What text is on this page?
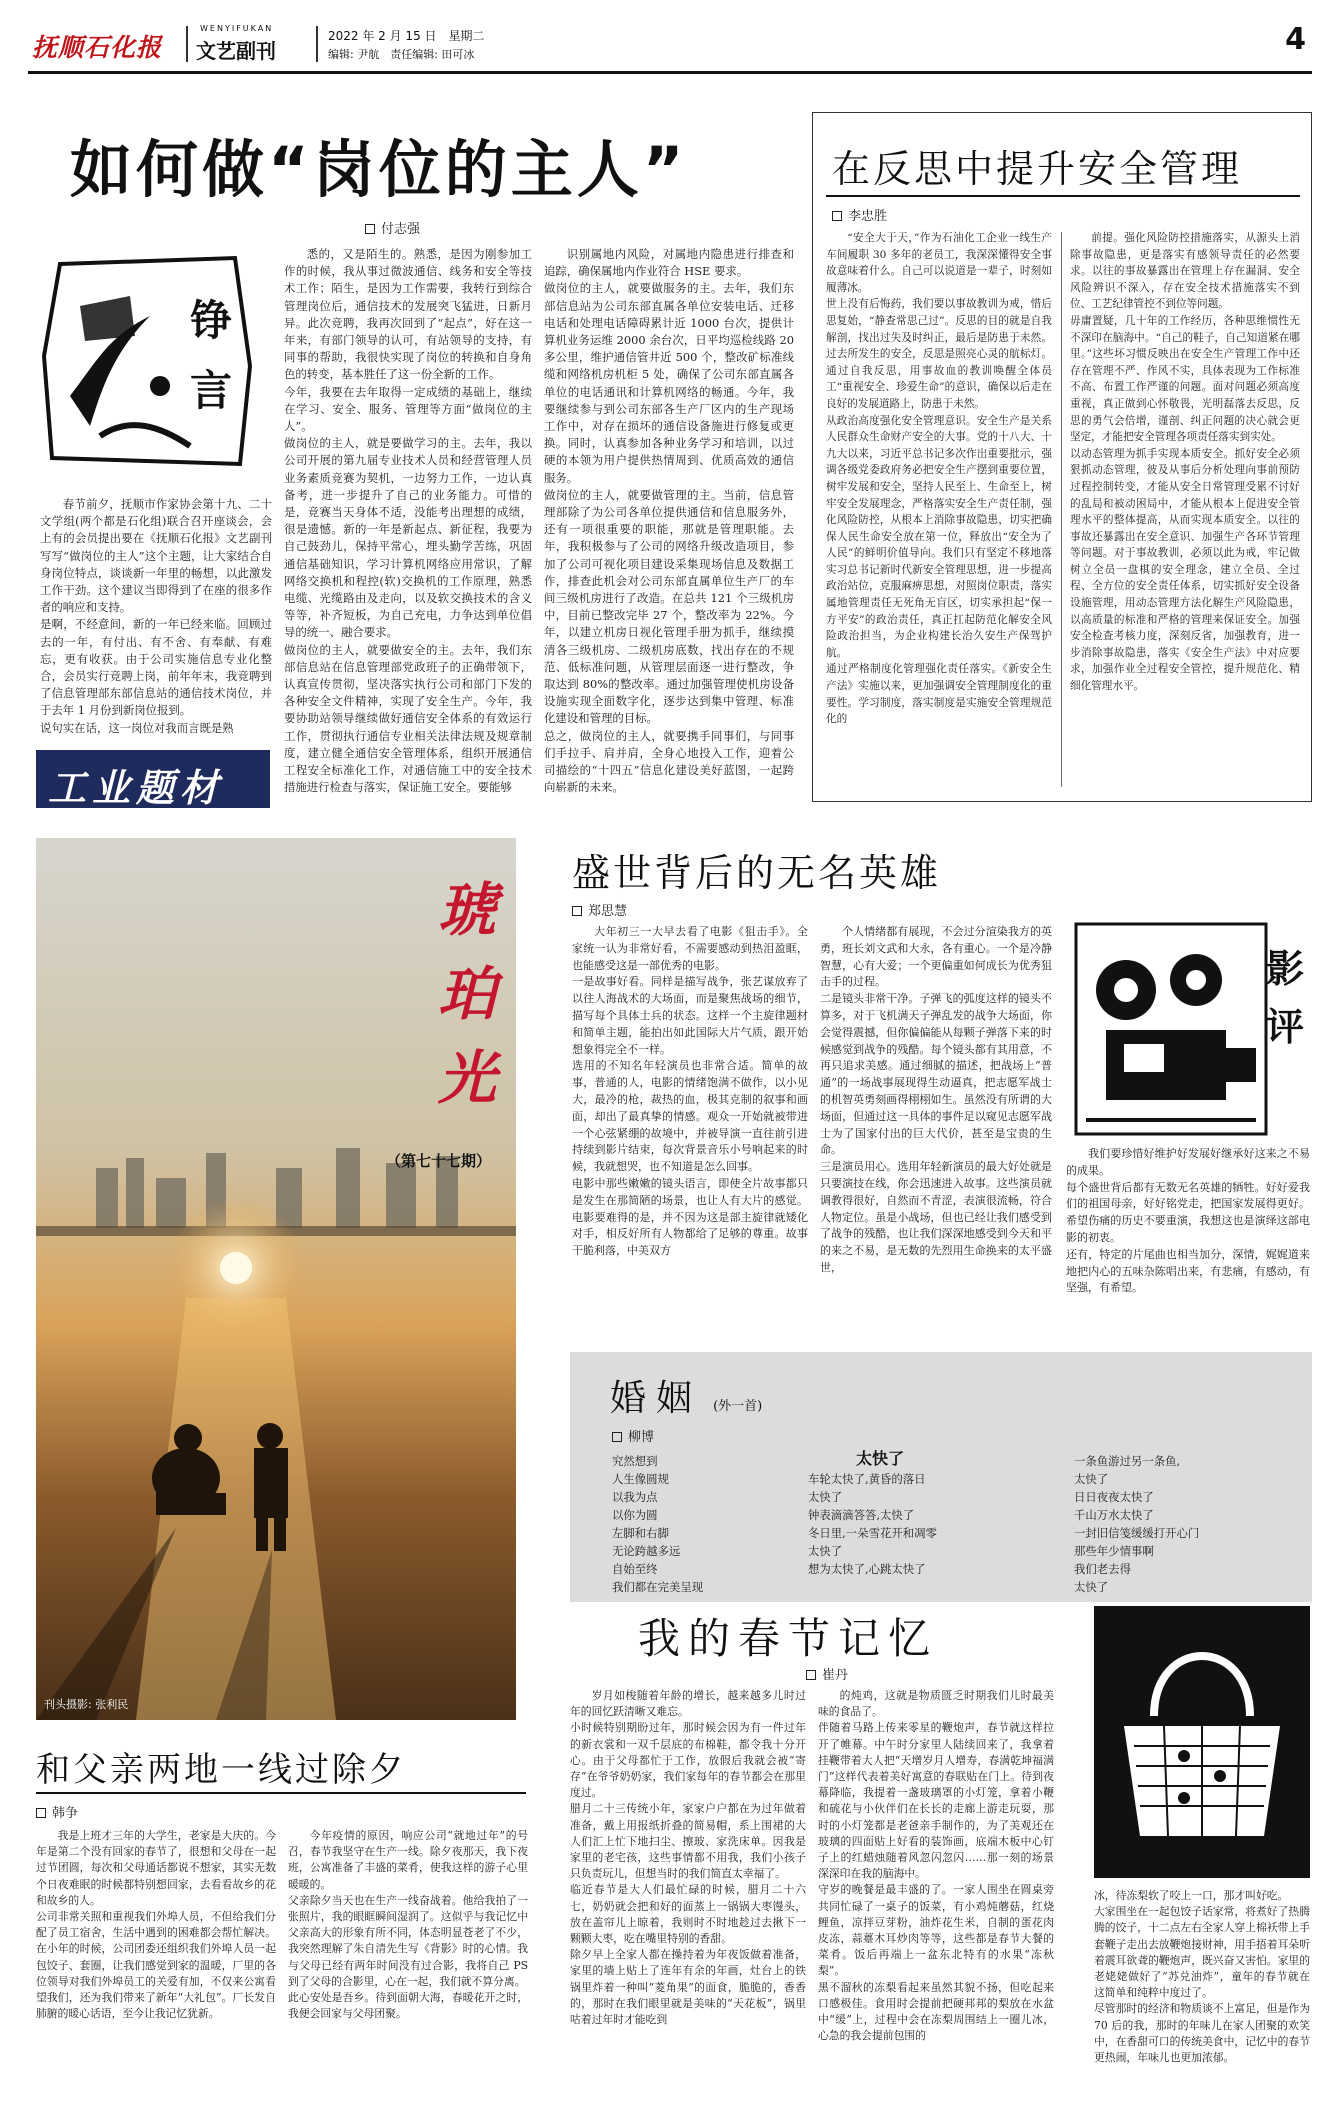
抚顺石化报
WENYIFUKAN
文艺副刊
2022 年 2 月 15 日　星期二
编辑: 尹航　责任编辑: 田可冰	4
如何做“岗位的主人”
付志强
铮言
春节前夕，抚顺市作家协会第十九、二十文学组(两个都是石化组)联合召开座谈会，会上有的会员提出要在《抚顺石化报》文艺副刊写写“做岗位的主人”这个主题，让大家结合自身岗位特点，谈谈新一年里的畅想，以此激发工作干劲。这个建议当即得到了在座的很多作者的响应和支持。
是啊，不经意间，新的一年已经来临。回顾过去的一年，有付出、有不舍、有奉献、有难忘，更有收获。由于公司实施信息专业化整合，会员实行竞聘上岗，前年年末，我竞聘到了信息管理部东部信息站的通信技术岗位，并于去年 1 月份到新岗位报到。
说句实在话，这一岗位对我而言既是熟
悉的，又是陌生的。熟悉，是因为刚参加工作的时候，我从事过微波通信、线务和安全等技术工作；陌生，是因为工作需要，我转行到综合管理岗位后，通信技术的发展突飞猛进，日新月异。此次竞聘，我再次回到了“起点”，好在这一年来，有部门领导的认可，有站领导的支持，有同事的帮助，我很快实现了岗位的转换和自身角色的转变，基本胜任了这一份全新的工作。
今年，我要在去年取得一定成绩的基础上，继续在学习、安全、服务、管理等方面“做岗位的主人”。
做岗位的主人，就是要做学习的主。去年，我以公司开展的第九届专业技术人员和经营管理人员业务素质竞赛为契机，一边努力工作，一边认真备考，进一步提升了自己的业务能力。可惜的是，竞赛当天身体不适，没能考出理想的成绩，很是遗憾。新的一年是新起点、新征程，我要为自己鼓劲儿，保持平常心，埋头勤学苦练，巩固通信基础知识，学习计算机网络应用常识，了解网络交换机和程控(软)交换机的工作原理，熟悉电缆、光缆路由及走向，以及软交换技术的含义等等，补齐短板，为自己充电，力争达到单位倡导的统一、融合要求。
做岗位的主人，就要做安全的主。去年，我们东部信息站在信息管理部党政班子的正确带领下，认真宣传贯彻，坚决落实执行公司和部门下发的各种安全文件精神，实现了安全生产。今年，我要协助站领导继续做好通信安全体系的有效运行工作，贯彻执行通信专业相关法律法规及规章制度，建立健全通信安全管理体系，组织开展通信工程安全标准化工作，对通信施工中的安全技术措施进行检查与落实，保证施工安全。要能够
识别属地内风险，对属地内隐患进行排查和追踪，确保属地内作业符合 HSE 要求。
做岗位的主人，就要做服务的主。去年，我们东部信息站为公司东部直属各单位安装电话、迁移电话和处理电话障碍累计近 1000 台次，提供计算机业务运维 2000 余台次，日平均巡检线路 20 多公里，维护通信管井近 500 个，整改矿标准线缆和网络机房机柜 5 处，确保了公司东部直属各单位的电话通讯和计算机网络的畅通。今年，我要继续参与到公司东部各生产厂区内的生产现场工作中，对存在损坏的通信设备施进行修复或更换。同时，认真参加各种业务学习和培训，以过硬的本领为用户提供热情周到、优质高效的通信服务。
做岗位的主人，就要做管理的主。当前，信息管理部除了为公司各单位提供通信和信息服务外，还有一项很重要的职能，那就是管理职能。去年，我积极参与了公司的网络升级改造项目，参加了公司可视化项目建设采集现场信息及数据工作，排查此机会对公司东部直属单位生产厂的车间三级机房进行了改造。在总共 121 个三级机房中，目前已整改完毕 27 个，整改率为 22%。今年，以建立机房日视化管理手册为抓手，继续摸清各三级机房、二级机房底数，找出存在的不规范、低标准问题，从管理层面逐一进行整改，争取达到 80%的整改率。通过加强管理使机房设备设施实现全面数字化，逐步达到集中管理、标准化建设和管理的目标。
总之，做岗位的主人，就要携手同事们，与同事们手拉手、肩并肩，全身心地投入工作，迎着公司描绘的“十四五”信息化建设美好蓝图，一起跨向崭新的未来。
工业题材
在反思中提升安全管理
李忠胜
“安全大于天，”作为石油化工企业一线生产车间履职 30 多年的老员工，我深深懂得安全事故意味着什么。自己可以说道是一辈子，时刻如履薄冰。
世上没有后悔药，我们要以事故教训为戒，惜后思复始，“静查常思己过”。反思的目的就是自我解剖，找出过失及时纠正，最后是防患于未然。过去所发生的安全，反思是照亮心灵的航标灯。通过自我反思，用事故血的教训唤醒全体员工“重视安全、珍爱生命”的意识，确保以后走在良好的发展道路上，防患于未然。
从政治高度强化安全管理意识。安全生产是关系人民群众生命财产安全的大事。党的十八大、十九大以来，习近平总书记多次作出重要批示，强调各级党委政府务必把安全生产摆到重要位置，树牢发展和安全，坚持人民至上、生命至上，树牢安全发展理念，严格落实安全生产责任制，强化风险防控，从根本上消除事故隐患，切实把确保人民生命安全放在第一位，释放出“安全为了人民”的鲜明价值导向。我们只有坚定不移地落实习总书记新时代新安全管理思想，进一步提高政治站位，克服麻痹思想，对照岗位职责，落实属地管理责任无死角无盲区，切实承担起“保一方平安”的政治责任，真正扛起防范化解安全风险政治担当，为企业构建长治久安生产保驾护航。
通过严格制度化管理强化责任落实。《新安全生产法》实施以来，更加强调安全管理制度化的重要性。学习制度，落实制度是实施安全管理规范化的
前提。强化风险防控措施落实，从源头上消除事故隐患，更是落实有感领导责任的必然要求。以往的事故暴露出在管理上存在漏洞、安全风险辨识不深入，存在安全技术措施落实不到位、工艺纪律管控不到位等问题。
毋庸置疑，几十年的工作经历，各种思维惯性无不深印在脑海中。“自己的鞋子，自己知道紧在哪里。”这些坏习惯反映出在安全生产管理工作中还存在管理不严、作风不实，具体表现为工作标准不高、布置工作严谨的问题。面对问题必须高度重视，真正做到心怀敬畏，光明磊落去反思，反思的勇气会倍增，谨剖、纠正问题的决心就会更坚定，才能把安全管理各项责任落实到实处。
以动态管理为抓手实现本质安全。抓好安全必须狠抓动态管理，彼及从事后分析处理向事前预防过程控制转变，才能从安全日常管理受累不讨好的乱局和被动困局中，才能从根本上促进安全管理水平的整体提高，从而实现本质安全。以往的事故还暴露出在安全意识、加强生产各环节管理等问题。对于事故教训，必须以此为戒，牢记做树立全员一盘棋的安全理念，建立全员、全过程、全方位的安全责任体系，切实抓好安全设备设施管理，用动态管理方法化解生产风险隐患，以高质量的标准和严格的管理来保证安全。加强安全检查考核力度，深刻反省，加强教育，进一步消除事故隐患，落实《安全生产法》中对应要求，加强作业全过程安全管控，提升规范化、精细化管理水平。
琥珀光
（第七十七期）
刊头摄影: 张利民
盛世背后的无名英雄
郑思慧
大年初三一大早去看了电影《狙击手》。全家统一认为非常好看，不需要感动到热泪盈眶，也能感受这是一部优秀的电影。
一是故事好看。同样是描写战争，张艺谋放弃了以往人海战术的大场面，而是聚焦战场的细节，描写每个具体士兵的状态。这样一个主旋律题材和简单主题，能拍出如此国际大片气质，跟开始想象得完全不一样。
选用的不知名年轻演员也非常合适。简单的故事，普通的人，电影的情绪饱满不做作，以小见大，最冷的枪，裁热的血，极其克制的叙事和画面，却出了最真挚的情感。观众一开始就被带进一个心弦紧绷的故境中，并被导演一直往前引进持续到影片结束，每次背景音乐小号响起来的时候，我就想哭，也不知道是怎么回事。
电影中那些嫩嫩的镜头语言，即使全片故事都只是发生在那简陋的场景，也让人有大片的感觉。电影要难得的是，并不因为这是部主旋律就矮化对手，相反好所有人物都给了足够的尊重。故事干脆利落，中美双方
个人情绪都有展现，不会过分渲染我方的英勇，班长刘文武和大永，各有重心。一个是冷静智慧，心有大爱；一个更偏重如何成长为优秀狙击手的过程。
二是镜头非常干净。子弹飞的弧度这样的镜头不算多，对于飞机满天子弹乱发的战争大场面，你会觉得震撼，但你偏偏能从每颗子弹落下来的时候感觉到战争的残酷。每个镜头都有其用意，不再只追求美感。通过细腻的描述，把战场上“普通”的一场战事展现得生动逼真，把志愿军战士的机智英勇刻画得栩栩如生。虽然没有所谓的大场面，但通过这一具体的事件足以窥见志愿军战士为了国家付出的巨大代价，甚至是宝贵的生命。
三是演员用心。选用年轻新演员的最大好处就是只要演技在线，你会迅速进入故事。这些演员就调教得很好，自然而不青涩，表演很流畅，符合人物定位。虽是小战场，但也已经让我们感受到了战争的残酷，也让我们深深地感受到今天和平的来之不易，是无数的先烈用生命换来的太平盛世，
影评
我们要珍惜好维护好发展好继承好这来之不易的成果。
每个盛世背后都有无数无名英雄的牺牲。好好爱我们的祖国母亲，好好铭党走，把国家发展得更好。希望伤痛的历史不要重演，我想这也是演绎这部电影的初衷。
还有，特定的片尾曲也相当加分，深情，娓娓道来地把内心的五味杂陈唱出来，有悲痛，有感动，有坚强，有希望。
婚姻 (外一首)
柳博
究然想到
人生像圆规
以我为点
以你为圆
左脚和右脚
无论跨越多远
自始至终
我们都在完美呈现
太快了
车轮太快了,黄昏的落日
太快了
钟表滴滴答答,太快了
冬日里,一朵雪花开和凋零
太快了
想为太快了,心跳太快了
一条鱼游过另一条鱼,
太快了
日日夜夜太快了
千山万水太快了
一封旧信笺缓缓打开心门
那些年少情事啊
我们老去得
太快了
我的春节记忆
崔丹
岁月如梭随着年龄的增长，越来越多儿时过年的回忆跃清晰又难忘。
小时候特别期盼过年，那时候会因为有一件过年的新衣裳和一双千层底的布棉鞋，都令我十分开心。由于父母都忙于工作，放假后我就会被“寄存”在爷爷奶奶家，我们家每年的春节都会在那里度过。
腊月二十三传统小年，家家户户都在为过年做着准备，戴上用报纸折叠的简易帽，系上围裙的大人们汇上忙下地扫尘、擦玻、家洗床单。因我是家里的老宅孩，这些事情都不用我，我们小孩子只负责玩儿，但想当时的我们简直太幸福了。
临近春节是大人们最忙碌的时候，腊月二十六七，奶奶就会把和好的面蒸上一锅锅大枣馒头，放在盖帘儿上晾着，我则时不时地趁过去揪下一颗颗大枣，吃在嘴里特别的香甜。
除夕早上全家人都在操持着为年夜饭做着准备，家里的墙上贴上了连年有余的年画，灶台上的铁锅里炸着一种叫“菱角果”的面食，脆脆的，香香的，那时在我们眼里就是美味的“天花板”，锅里咕着过年时才能吃到
的炖鸡，这就是物质匮乏时期我们儿时最美味的食品了。
伴随着马路上传来零星的鞭炮声，春节就这样拉开了帷幕。中午时分家里人陆续回来了，我拿着挂鞭带着大人把“天增岁月人增寿，春满乾坤福满门”这样代表着美好寓意的春联贴在门上。待到夜幕降临，我提着一盏玻璃罩的小灯笼，拿着小鞭和硫花与小伙伴们在长长的走廊上游走玩耍，那时的小灯笼都是老爸亲手制作的，为了美观还在玻璃的四面贴上好看的装饰画，底端木板中心钉子上的红蜡烛随着风忽闪忽闪……那一刻的场景深深印在我的脑海中。
守岁的晚餐是最丰盛的了。一家人围坐在圆桌旁共同忙碌了一桌子的饭菜，有小鸡炖蘑菇，红烧鲤鱼，凉拌豆芽粉，油炸花生米，自制的蛋花肉皮冻，蒜薹木耳炒肉等等，这些都是春节大餐的菜肴。饭后再端上一盆东北特有的水果“冻秋梨”。
黑不溜秋的冻梨看起来虽然其貌不扬，但吃起来口感极佳。食用时会提前把硬邦邦的梨放在水盆中“缓”上，过程中会在冻梨周围结上一圈儿冰，心急的我会提前包围的
冰，待冻梨软了咬上一口，那才叫好吃。
大家围坐在一起包饺子话家常，将煮好了热腾腾的饺子，十二点左右全家人穿上棉袄带上手套鞭子走出去放鞭炮接财神，用手捂着耳朵听着震耳欲聋的鞭炮声，既兴奋又害怕。家里的老姥姥做好了“苏兑油炸”，童年的春节就在这简单和纯粹中度过了。
尽管那时的经济和物质谈不上富足，但是作为 70 后的我，那时的年味儿在家人团聚的欢笑中，在香甜可口的传统美食中，记忆中的春节更热闹，年味儿也更加浓郁。
和父亲两地一线过除夕
韩争
我是上班才三年的大学生，老家是大庆的。今年是第二个没有回家的春节了，很想和父母在一起过节团圆，每次和父母通话都说不想家，其实无数个日夜难眠的时候都特别想回家，去看看故乡的花和故乡的人。
公司非常关照和重视我们外埠人员，不但给我们分配了员工宿舍，生活中遇到的困难都会帮忙解决。在小年的时候，公司团委还组织我们外埠人员一起包饺子、套圈，让我们感觉到家的温暖，厂里的各位领导对我们外埠员工的关爱有加，不仅来公寓看望我们，还为我们带来了新年“大礼包”。厂长发自肺腑的暖心话语，至今让我记忆犹新。
今年疫情的原因，响应公司“就地过年”的号召，春节我坚守在生产一线。除夕夜那天，我下夜班，公寓准备了丰盛的菜肴，使我这样的游子心里暖暖的。
父亲除夕当天也在生产一线奋战着。他给我拍了一张照片，我的眼眶瞬间湿润了。这似乎与我记忆中父亲高大的形象有所不同，体态明显苍老了不少，我突然理解了朱自清先生写《背影》时的心情。我与父母已经有两年时间没有过合影，我将自己 PS 到了父母的合影里，心在一起，我们就不算分离。
此心安处是吾乡。待到面朝大海，春暖花开之时，我便会回家与父母团聚。
